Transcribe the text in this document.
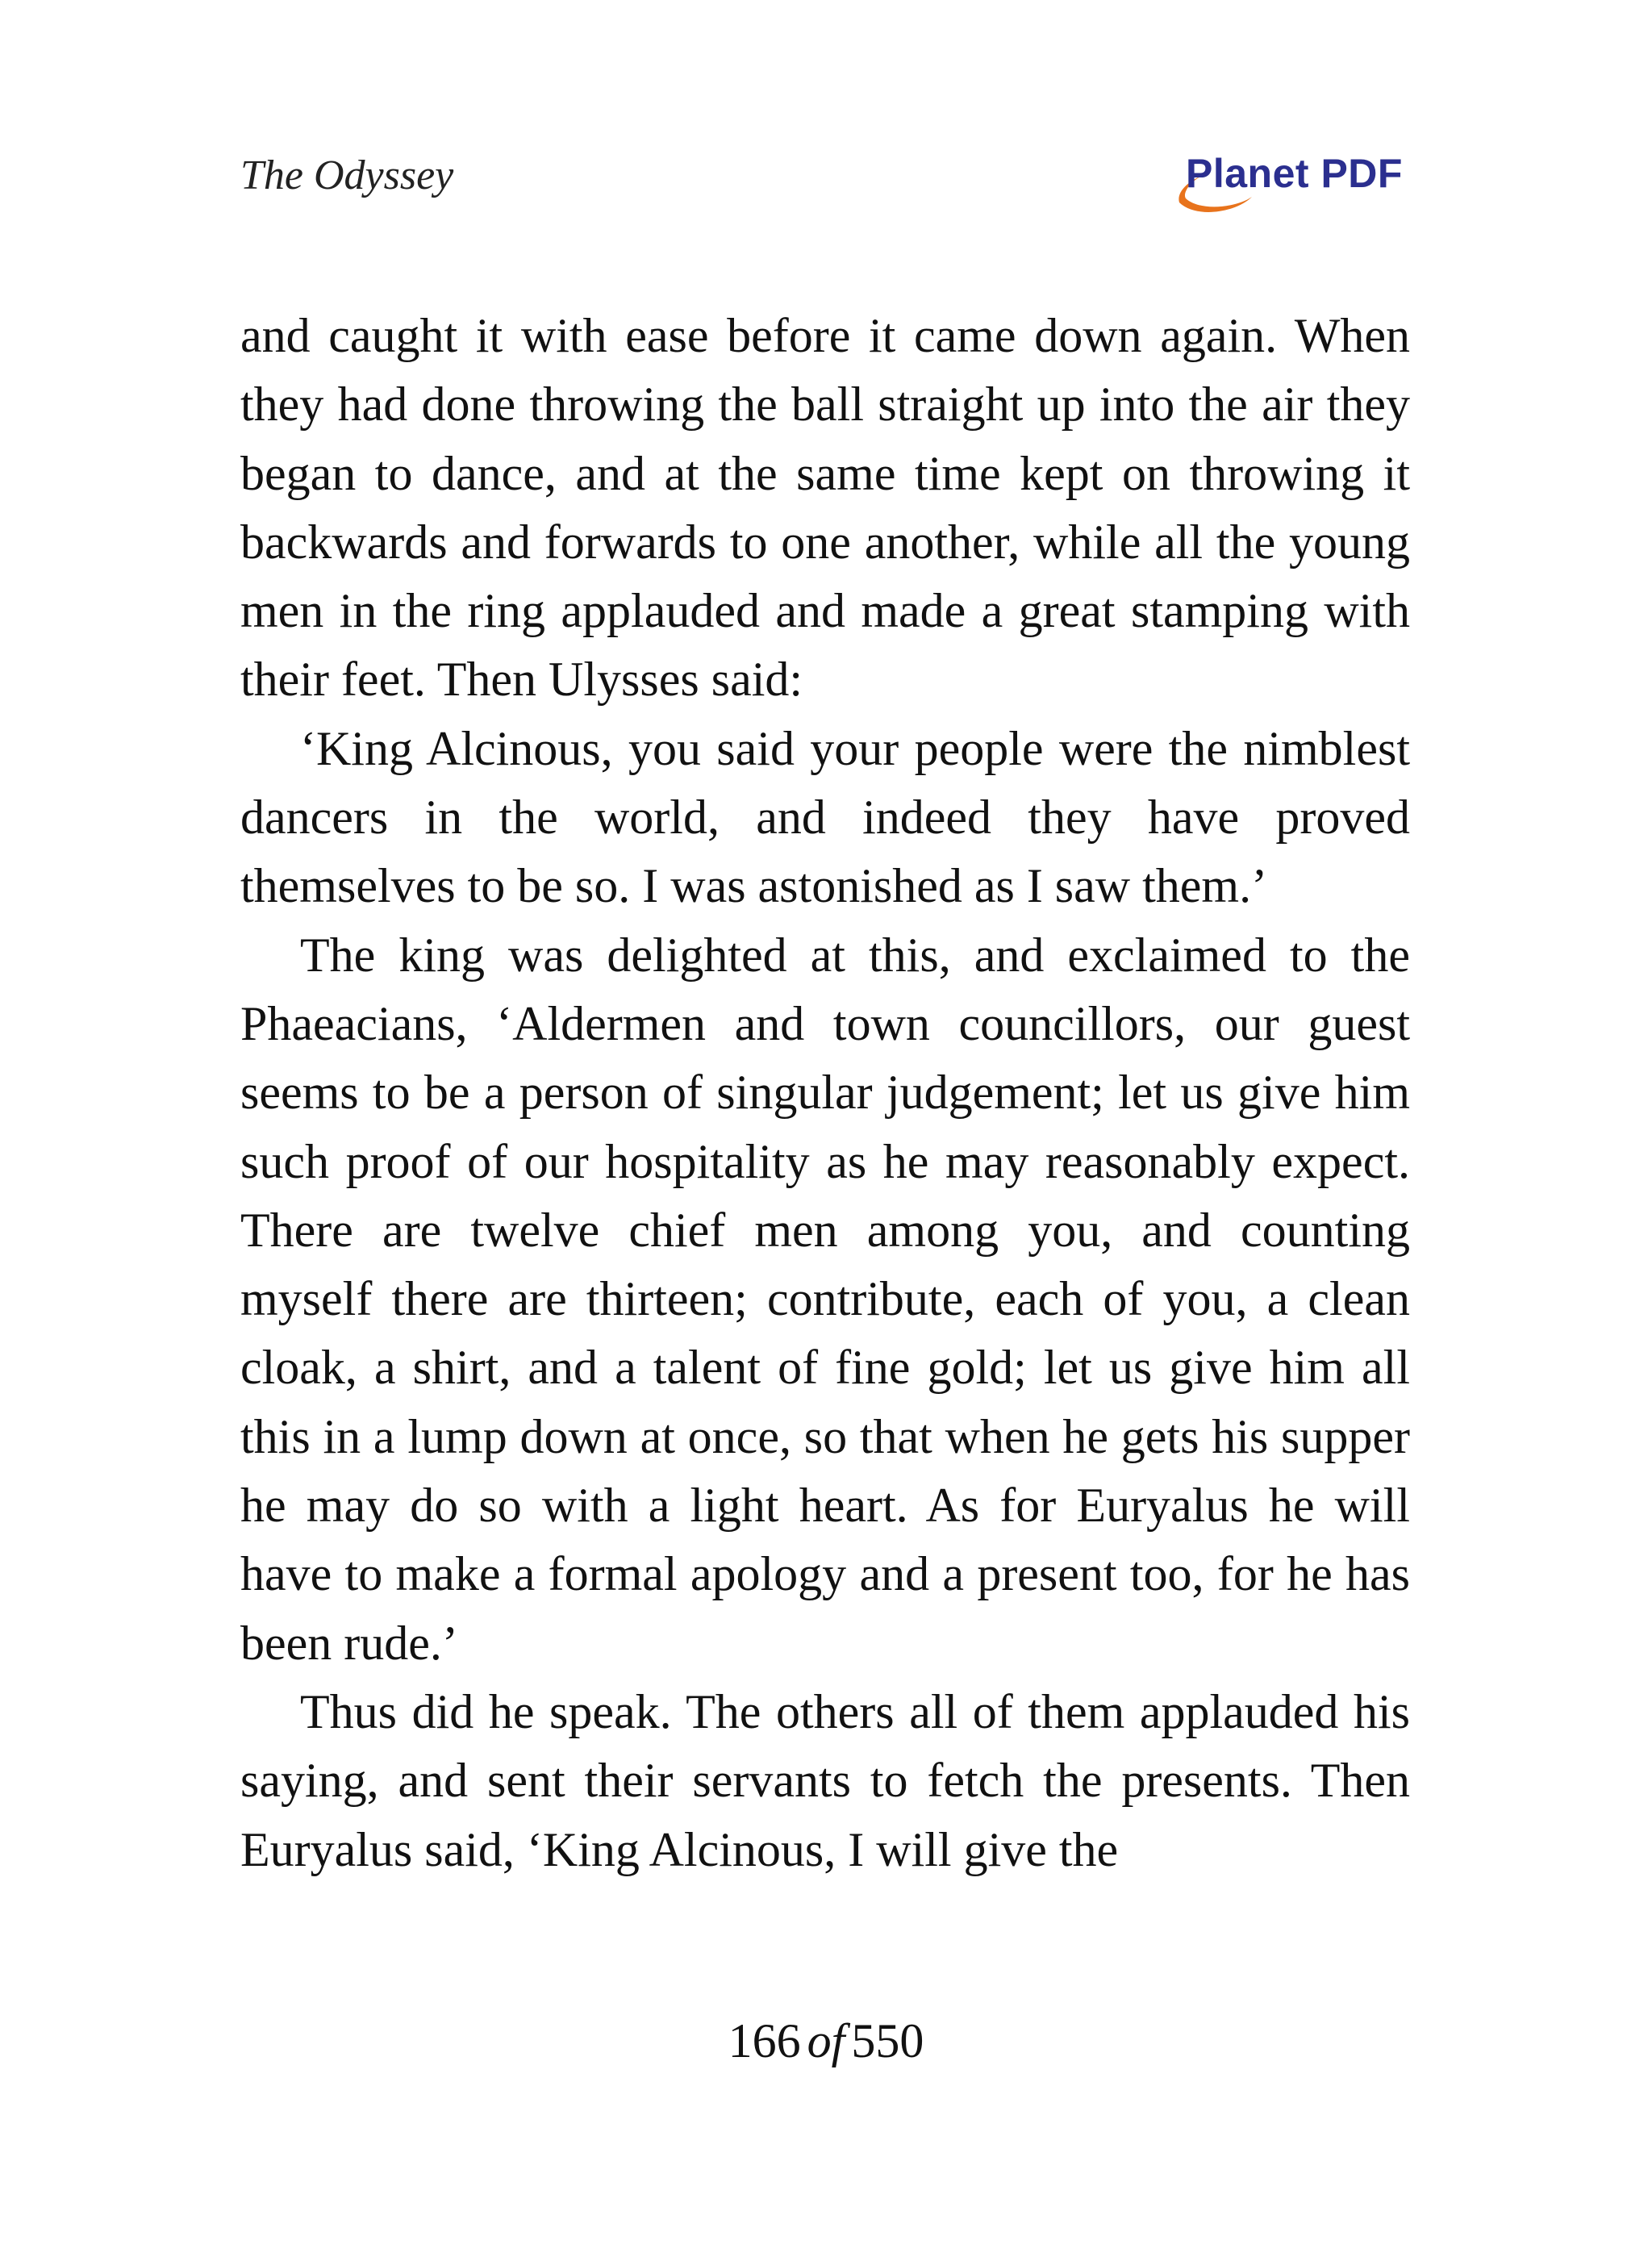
The Odyssey	Planet PDF

and caught it with ease before it came down again. When they had done throwing the ball straight up into the air they began to dance, and at the same time kept on throwing it backwards and forwards to one another, while all the young men in the ring applauded and made a great stamping with their feet. Then Ulysses said:

‘King Alcinous, you said your people were the nimblest dancers in the world, and indeed they have proved themselves to be so. I was astonished as I saw them.’

The king was delighted at this, and exclaimed to the Phaeacians, ‘Aldermen and town councillors, our guest seems to be a person of singular judgement; let us give him such proof of our hospitality as he may reasonably expect. There are twelve chief men among you, and counting myself there are thirteen; contribute, each of you, a clean cloak, a shirt, and a talent of fine gold; let us give him all this in a lump down at once, so that when he gets his supper he may do so with a light heart. As for Euryalus he will have to make a formal apology and a present too, for he has been rude.’

Thus did he speak. The others all of them applauded his saying, and sent their servants to fetch the presents. Then Euryalus said, ‘King Alcinous, I will give the

166 of 550
